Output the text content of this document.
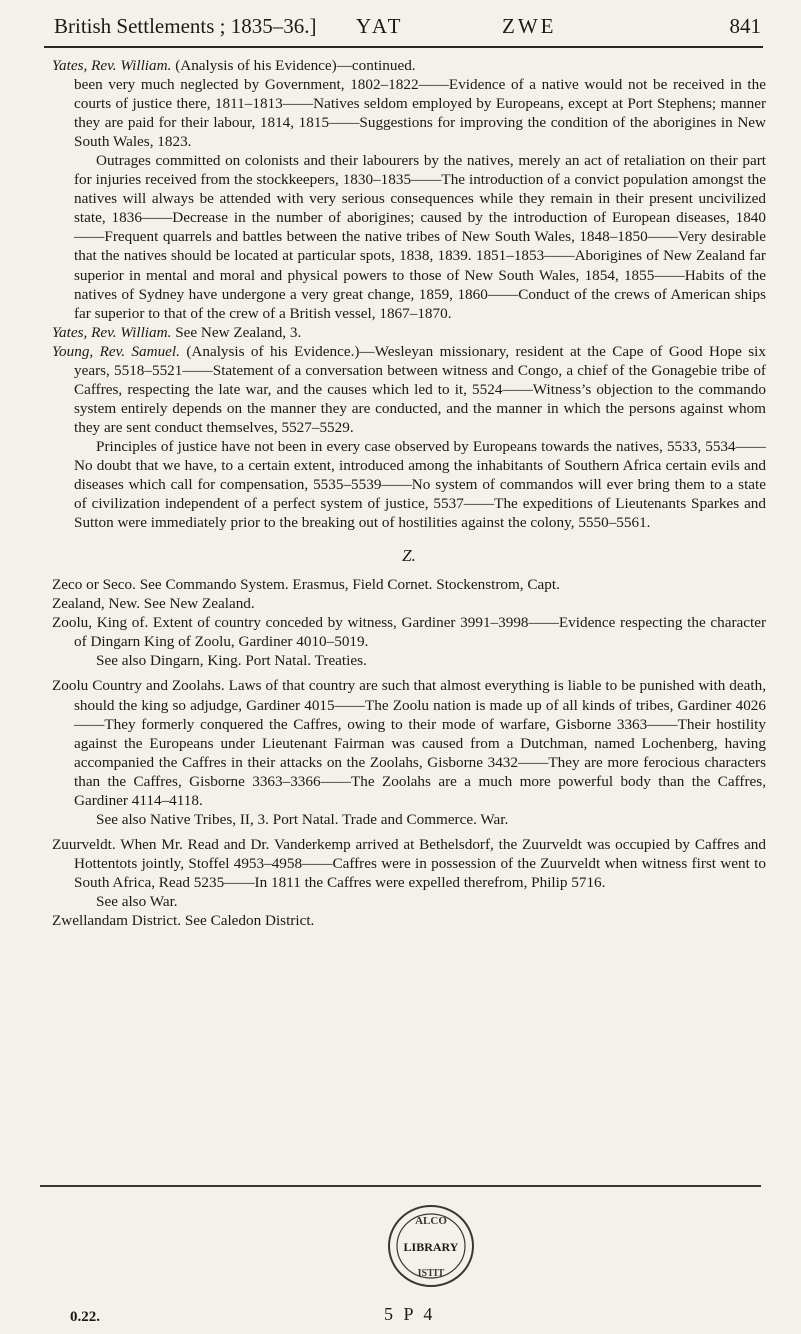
British Settlements ; 1835–36.] YAT	ZWE	841

Yates, Rev. William. (Analysis of his Evidence)—continued.

been very much neglected by Government, 1802–1822——Evidence of a native would not be received in the courts of justice there, 1811–1813——Natives seldom employed by Europeans, except at Port Stephens; manner they are paid for their labour, 1814, 1815——Suggestions for improving the condition of the aborigines in New South Wales, 1823.

Outrages committed on colonists and their labourers by the natives, merely an act of retaliation on their part for injuries received from the stockkeepers, 1830–1835——The introduction of a convict population amongst the natives will always be attended with very serious consequences while they remain in their present uncivilized state, 1836——Decrease in the number of aborigines; caused by the introduction of European diseases, 1840——Frequent quarrels and battles between the native tribes of New South Wales, 1848–1850——Very desirable that the natives should be located at particular spots, 1838, 1839. 1851–1853——Aborigines of New Zealand far superior in mental and moral and physical powers to those of New South Wales, 1854, 1855——Habits of the natives of Sydney have undergone a very great change, 1859, 1860——Conduct of the crews of American ships far superior to that of the crew of a British vessel, 1867–1870.

Yates, Rev. William. See New Zealand, 3.

Young, Rev. Samuel. (Analysis of his Evidence.)—Wesleyan missionary, resident at the Cape of Good Hope six years, 5518–5521——Statement of a conversation between witness and Congo, a chief of the Gonagebie tribe of Caffres, respecting the late war, and the causes which led to it, 5524——Witness’s objection to the commando system entirely depends on the manner they are conducted, and the manner in which the persons against whom they are sent conduct themselves, 5527–5529.

Principles of justice have not been in every case observed by Europeans towards the natives, 5533, 5534——No doubt that we have, to a certain extent, introduced among the inhabitants of Southern Africa certain evils and diseases which call for compensation, 5535–5539——No system of commandos will ever bring them to a state of civilization independent of a perfect system of justice, 5537——The expeditions of Lieutenants Sparkes and Sutton were immediately prior to the breaking out of hostilities against the colony, 5550–5561.

Z.

Zeco or Seco. See Commando System. Erasmus, Field Cornet. Stockenstrom, Capt.

Zealand, New. See New Zealand.

Zoolu, King of. Extent of country conceded by witness, Gardiner 3991–3998——Evidence respecting the character of Dingarn King of Zoolu, Gardiner 4010–5019.

See also Dingarn, King. Port Natal. Treaties.

Zoolu Country and Zoolahs. Laws of that country are such that almost everything is liable to be punished with death, should the king so adjudge, Gardiner 4015——The Zoolu nation is made up of all kinds of tribes, Gardiner 4026——They formerly conquered the Caffres, owing to their mode of warfare, Gisborne 3363——Their hostility against the Europeans under Lieutenant Fairman was caused from a Dutchman, named Lochenberg, having accompanied the Caffres in their attacks on the Zoolahs, Gisborne 3432——They are more ferocious characters than the Caffres, Gisborne 3363–3366——The Zoolahs are a much more powerful body than the Caffres, Gardiner 4114–4118.

See also Native Tribes, II, 3. Port Natal. Trade and Commerce. War.

Zuurveldt. When Mr. Read and Dr. Vanderkemp arrived at Bethelsdorf, the Zuurveldt was occupied by Caffres and Hottentots jointly, Stoffel 4953–4958——Caffres were in possession of the Zuurveldt when witness first went to South Africa, Read 5235——In 1811 the Caffres were expelled therefrom, Philip 5716.

See also War.

Zwellandam District. See Caledon District.

ALCO
LIBRARY
ISTIT
0.22.	5 P 4
